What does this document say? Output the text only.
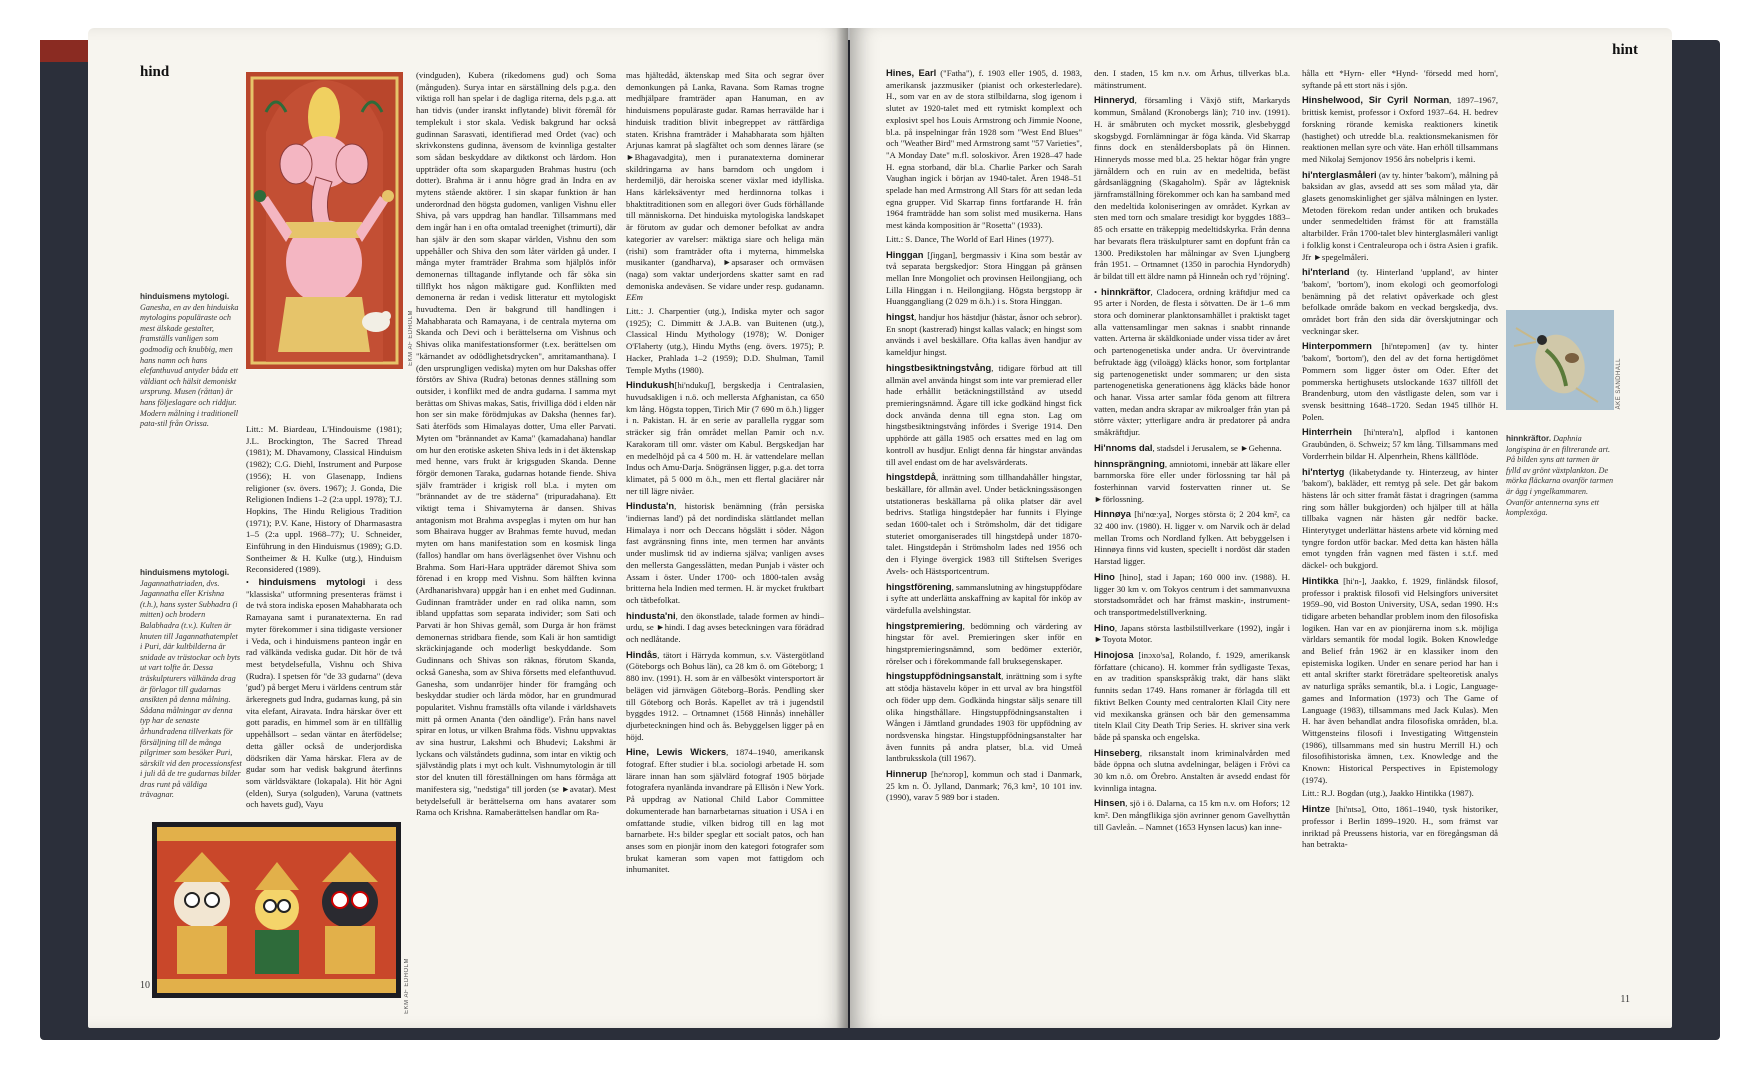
hind
EKM AF EDHOLM
hinduismens mytologi. Ganesha, en av den hinduiska mytologins populäraste och mest älskade gestalter, framställs vanligen som godmodig och knubbig, men hans namn och hans elefanthuvud antyder båda ett väldiant och hälsit demoniskt ursprung. Musen (råttan) är hans följeslagare och riddjur. Modern målning i traditionell pata-stil från Orissa.
Litt.: M. Biardeau, L'Hindouisme (1981); J.L. Brockington, The Sacred Thread (1981); M. Dhavamony, Classical Hinduism (1982); C.G. Diehl, Instrument and Purpose (1956); H. von Glasenapp, Indiens religioner (sv. övers. 1967); J. Gonda, Die Religionen Indiens 1–2 (2:a uppl. 1978); T.J. Hopkins, The Hindu Religious Tradition (1971); P.V. Kane, History of Dharmasastra 1–5 (2:a uppl. 1968–77); U. Schneider, Einführung in den Hinduismus (1989); G.D. Sontheimer & H. Kulke (utg.), Hinduism Reconsidered (1989).
hinduismens mytologi. Jagannathatriaden, dvs. Jagannatha eller Krishna (t.h.), hans syster Subhadra (i mitten) och brodern Balabhadra (t.v.). Kulten är knuten till Jagannathatemplet i Puri, där kultbilderna är snidade av trästockar och byts ut vart tolfte år. Dessa träskulpturers välkända drag är förlagor till gudarnas ansikten på denna målning. Sådana målningar av denna typ har de senaste århundradena tillverkats för försäljning till de många pilgrimer som besöker Puri, särskilt vid den processionsfest i juli då de tre gudarnas bilder dras runt på väldiga trävagnar.
• hinduismens mytologi i dess "klassiska" utformning presenteras främst i de två stora indiska eposen Mahabharata och Ramayana samt i puranatexterna. En rad myter förekommer i sina tidigaste versioner i Veda, och i hinduismens panteon ingår en rad välkända vediska gudar. Dit hör de två mest betydelsefulla, Vishnu och Shiva (Rudra). I spetsen för "de 33 gudarna" (deva 'gud') på berget Meru i världens centrum står ärkeregnets gud Indra, gudarnas kung, på sin vita elefant, Airavata. Indra härskar över ett gott paradis, en himmel som är en tillfällig uppehållsort – sedan väntar en återfödelse; detta gäller också de underjordiska dödsriken där Yama härskar. Flera av de gudar som har vedisk bakgrund återfinns som världsväktare (lokapala). Hit hör Agni (elden), Surya (solguden), Varuna (vattnets och havets gud), Vayu
EKM AF EDHOLM
(vindguden), Kubera (rikedomens gud) och Soma (månguden). Surya intar en särställning dels p.g.a. den viktiga roll han spelar i de dagliga riterna, dels p.g.a. att han tidvis (under iranskt inflytande) blivit föremål för templekult i stor skala. Vedisk bakgrund har också gudinnan Sarasvati, identifierad med Ordet (vac) och skrivkonstens gudinna, ävensom de kvinnliga gestalter som sådan beskyddare av diktkonst och lärdom. Hon uppträder ofta som skaparguden Brahmas hustru (och dotter). Brahma är i annu högre grad än Indra en av mytens stående aktörer. I sin skapar funktion är han underordnad den högsta gudomen, vanligen Vishnu eller Shiva, på vars uppdrag han handlar. Tillsammans med dem ingår han i en ofta omtalad treenighet (trimurti), där han själv är den som skapar världen, Vishnu den som uppehåller och Shiva den som låter världen gå under. I många myter framträder Brahma som hjälplös inför demonernas tilltagande inflytande och får söka sin tillflykt hos någon mäktigare gud. Konflikten med demonerna är redan i vedisk litteratur ett mytologiskt huvudtema. Den är bakgrund till handlingen i Mahabharata och Ramayana, i de centrala myterna om Skanda och Devi och i berättelserna om Vishnus och Shivas olika manifestationsformer (t.ex. berättelsen om "kärnandet av odödlighetsdrycken", amritamanthana). I (den ursprungligen vediska) myten om hur Dakshas offer förstörs av Shiva (Rudra) betonas dennes ställning som outsider, i konflikt med de andra gudarna. I samma myt berättas om Shivas makas, Satis, frivilliga död i elden när hon ser sin make förödmjukas av Daksha (hennes far). Sati återföds som Himalayas dotter, Uma eller Parvati. Myten om "brännandet av Kama" (kamadahana) handlar om hur den erotiske asketen Shiva leds in i det äktenskap med henne, vars frukt är krigsguden Skanda. Denne förgör demonen Taraka, gudarnas hotande fiende. Shiva själv framträder i krigisk roll bl.a. i myten om "brännandet av de tre städerna" (tripuradahana). Ett viktigt tema i Shivamyterna är dansen. Shivas antagonism mot Brahma avspeglas i myten om hur han som Bhairava hugger av Brahmas femte huvud, medan myten om hans manifestation som en kosmisk linga (fallos) handlar om hans överlägsenhet över Vishnu och Brahma. Som Hari-Hara uppträder däremot Shiva som förenad i en kropp med Vishnu. Som hälften kvinna (Ardhanarishvara) uppgår han i en enhet med Gudinnan. Gudinnan framträder under en rad olika namn, som ibland uppfattas som separata individer; som Sati och Parvati är hon Shivas gemål, som Durga är hon främst demonernas stridbara fiende, som Kali är hon samtidigt skräckinjagande och moderligt beskyddande. Som Gudinnans och Shivas son räknas, förutom Skanda, också Ganesha, som av Shiva försetts med elefanthuvud. Ganesha, som undanröjer hinder för framgång och beskyddar studier och lärda mödor, har en grundmurad popularitet. Vishnu framställs ofta vilande i världshavets mitt på ormen Ananta ('den oändlige'). Från hans navel spirar en lotus, ur vilken Brahma föds. Vishnu uppvaktas av sina hustrur, Lakshmi och Bhudevi; Lakshmi är lyckans och välståndets gudinna, som intar en viktig och självständig plats i myt och kult. Vishnumytologin är till stor del knuten till föreställningen om hans förmåga att manifestera sig, "nedstiga" till jorden (se ►avatar). Mest betydelsefull är berättelserna om hans avatarer som Rama och Krishna. Ramaberättelsen handlar om Ra-
mas hjältedåd, äktenskap med Sita och segrar över demonkungen på Lanka, Ravana. Som Ramas trogne medhjälpare framträder apan Hanuman, en av hinduismens populäraste gudar. Ramas herravälde har i hinduisk tradition blivit inbegreppet av rättfärdiga staten. Krishna framträder i Mahabharata som hjälten Arjunas kamrat på slagfältet och som dennes lärare (se ►Bhagavadgita), men i puranatexterna dominerar skildringarna av hans barndom och ungdom i herdemiljö, där heroiska scener växlar med idylliska. Hans kärleksäventyr med herdinnorna tolkas i bhaktitraditionen som en allegori över Guds förhållande till människorna. Det hinduiska mytologiska landskapet är förutom av gudar och demoner befolkat av andra kategorier av varelser: mäktiga siare och heliga män (rishi) som framträder ofta i myterna, himmelska musikanter (gandharva), ►apsaraser och ormväsen (naga) som vaktar underjordens skatter samt en rad demoniska andeväsen. Se vidare under resp. gudanamn. EEm
Litt.: J. Charpentier (utg.), Indiska myter och sagor (1925); C. Dimmitt & J.A.B. van Buitenen (utg.), Classical Hindu Mythology (1978); W. Doniger O'Flaherty (utg.), Hindu Myths (eng. övers. 1975); P. Hacker, Prahlada 1–2 (1959); D.D. Shulman, Tamil Temple Myths (1980).
Hindukush[hi'ndukuʃ], bergskedja i Centralasien, huvudsakligen i n.ö. och mellersta Afghanistan, ca 650 km lång. Högsta toppen, Tirich Mir (7 690 m ö.h.) ligger i n. Pakistan. H. är en serie av parallella ryggar som sträcker sig från området mellan Pamir och n.v. Karakoram till omr. väster om Kabul. Bergskedjan har en medelhöjd på ca 4 500 m. H. är vattendelare mellan Indus och Amu-Darja. Snögränsen ligger, p.g.a. det torra klimatet, på 5 000 m ö.h., men ett flertal glaciärer når ner till lägre nivåer.
Hindusta'n, historisk benämning (från persiska 'indiernas land') på det nordindiska slättlandet mellan Himalaya i norr och Deccans högslätt i söder. Någon fast avgränsning finns inte, men termen har använts under muslimsk tid av indierna själva; vanligen avses den mellersta Gangesslätten, medan Punjab i väster och Assam i öster. Under 1700- och 1800-talen avsåg britterna hela Indien med termen. H. är mycket fruktbart och tätbefolkat.
hindusta'ni, den ökonstlade, talade formen av hindi–urdu, se ►hindi. I dag avses beteckningen vara förädrad och nedlåtande.
Hindås, tätort i Härryda kommun, s.v. Västergötland (Göteborgs och Bohus län), ca 28 km ö. om Göteborg; 1 880 inv. (1991). H. som är en välbesökt vintersportort är belägen vid järnvägen Göteborg–Borås. Pendling sker till Göteborg och Borås. Kapellet av trä i jugendstil byggdes 1912. – Ortnamnet (1568 Hinnås) innehåller djurbeteckningen hind och ås. Bebyggelsen ligger på en höjd.
Hine, Lewis Wickers, 1874–1940, amerikansk fotograf. Efter studier i bl.a. sociologi arbetade H. som lärare innan han som självlärd fotograf 1905 började fotografera nyanlända invandrare på Ellisön i New York. På uppdrag av National Child Labor Committee dokumenterade han barnarbetarnas situation i USA i en omfattande studie, vilken bidrog till en lag mot barnarbete. H:s bilder speglar ett socialt patos, och han anses som en pionjär inom den kategori fotografer som brukat kameran som vapen mot fattigdom och inhumanitet.
10
hint
Hines, Earl ("Fatha"), f. 1903 eller 1905, d. 1983, amerikansk jazzmusiker (pianist och orkesterledare). H., som var en av de stora stilbildarna, slog igenom i slutet av 1920-talet med ett rytmiskt komplext och explosivt spel hos Louis Armstrong och Jimmie Noone, bl.a. på inspelningar från 1928 som "West End Blues" och "Weather Bird" med Armstrong samt "57 Varieties", "A Monday Date" m.fl. soloskivor. Åren 1928–47 hade H. egna storband, där bl.a. Charlie Parker och Sarah Vaughan ingick i början av 1940-talet. Åren 1948–51 spelade han med Armstrong All Stars för att sedan leda egna grupper. Vid Skarrap finns fortfarande H. från 1964 framträdde han som solist med musikerna. Hans mest kända komposition är "Rosetta" (1933).
Litt.: S. Dance, The World of Earl Hines (1977).
Hinggan [ʃiŋgan], bergmassiv i Kina som består av två separata bergskedjor: Stora Hinggan på gränsen mellan Inre Mongoliet och provinsen Heilongjiang, och Lilla Hinggan i n. Heilongjiang. Högsta bergstopp är Huanggangliang (2 029 m ö.h.) i s. Stora Hinggan.
hingst, handjur hos hästdjur (hästar, åsnor och sebror). En snopt (kastrerad) hingst kallas valack; en hingst som används i avel beskällare. Ofta kallas även handjur av kameldjur hingst.
hingstbesiktningstvång, tidigare förbud att till allmän avel använda hingst som inte var premierad eller hade erhållit betäckningstillstånd av utsedd premieringsnämnd. Ägare till icke godkänd hingst fick dock använda denna till egna ston. Lag om hingstbesiktningstvång infördes i Sverige 1914. Den upphörde att gälla 1985 och ersattes med en lag om kontroll av husdjur. Enligt denna får hingstar användas till avel endast om de har avelsvärderats.
hingstdepå, inrättning som tillhandahåller hingstar, beskällare, för allmän avel. Under betäckningssäsongen utstationeras beskällarna på olika platser där avel bedrivs. Statliga hingstdepåer har funnits i Flyinge sedan 1600-talet och i Strömsholm, där det tidigare stuteriet omorganiserades till hingstdepå under 1870-talet. Hingstdepån i Strömsholm lades ned 1956 och den i Flyinge övergick 1983 till Stiftelsen Sveriges Avels- och Hästsportcentrum.
hingstförening, sammanslutning av hingstuppfödare i syfte att underlätta anskaffning av kapital för inköp av värdefulla avelshingstar.
hingstpremiering, bedömning och värdering av hingstar för avel. Premieringen sker inför en hingstpremieringsnämnd, som bedömer exteriör, rörelser och i förekommande fall bruksegenskaper.
hingstuppfödningsanstalt, inrättning som i syfte att stödja hästavelн köper in ett urval av bra hingstföl och föder upp dem. Godkända hingstar säljs senare till olika hingsthållare. Hingstuppfödningsanstalten i Wången i Jämtland grundades 1903 för uppfödning av nordsvenska hingstar. Hingstuppfödningsanstalter har även funnits på andra platser, bl.a. vid Umeå lantbruksskola (till 1967).
Hinnerup [he'nɔrop], kommun och stad i Danmark, 25 km n. Ö. Jylland, Danmark; 76,3 km², 10 101 inv. (1990), varav 5 989 bor i staden.
den. I staden, 15 km n.v. om Århus, tillverkas bl.a. mätinstrument.
Hinneryd, församling i Växjö stift, Markaryds kommun, Småland (Kronobergs län); 710 inv. (1991). H. är småbruten och mycket mossrik, glesbebyggd skogsbygd. Fornlämningar är föga kända. Vid Skarrap finns dock en stenåldersboplats på ön Hinnen. Hinneryds mosse med bl.a. 25 hektar högar från yngre järnåldern och en ruin av en medeltida, befäst gårdsanläggning (Skagaholm). Spår av lågteknisk järnframställning förekommer och kan ha samband med den medeltida koloniseringen av området. Kyrkan av sten med torn och smalare tresidigt kor byggdes 1883–85 och ersatte en träkeppig medeltidskyrka. Från denna har bevarats flera träskulpturer samt en dopfunt från ca 1300. Predikstolen har målningar av Sven Ljungberg från 1951. – Ortnamnet (1350 in parochia Hyndorydh) är bildat till ett äldre namn på Hinneån och ryd 'röjning'.
• hinnkräftor, Cladocera, ordning kräftdjur med ca 95 arter i Norden, de flesta i sötvatten. De är 1–6 mm stora och dominerar planktonsamhället i praktiskt taget alla vattensamlingar men saknas i snabbt rinnande vatten. Arterna är skäldkoniade under vissa tider av året och partenogenetiska under andra. Ur övervintrande befruktade ägg (viloägg) kläcks honor, som fortplantar sig partenogenetiskt under sommaren; ur den sista partenogenetiska generationens ägg kläcks både honor och hanar. Vissa arter samlar föda genom att filtrera vatten, medan andra skrapar av mikroalger från ytan på större växter; ytterligare andra är predatorer på andra småkräftdjur.
Hi'nnoms dal, stadsdel i Jerusalem, se ►Gehenna.
hinnsprängning, amniotomi, innebär att läkare eller barnmorska före eller under förlossning tar hål på fosterhinnan varvid fostervatten rinner ut. Se ►förlossning.
Hinnøya [hi'nœːya], Norges största ö; 2 204 km², ca 32 400 inv. (1980). H. ligger v. om Narvik och är delad mellan Troms och Nordland fylken. Att bebyggelsen i Hinnøya finns vid kusten, speciellt i nordöst där staden Harstad ligger.
Hino [hino], stad i Japan; 160 000 inv. (1988). H. ligger 30 km v. om Tokyos centrum i det sammanvuxna storstadsområdet och har främst maskin-, instrument- och transportmedelstillverkning.
Hino, Japans största lastbilstillverkare (1992), ingår i ►Toyota Motor.
Hinojosa [inɔxo'sa], Rolando, f. 1929, amerikansk författare (chicano). H. kommer från sydligaste Texas, en av tradition spanskspråkig trakt, där hans släkt funnits sedan 1749. Hans romaner är förlagda till ett fiktivt Belken County med centralorten Klail City nere vid mexikanska gränsen och bär den gemensamma titeln Klail City Death Trip Series. H. skriver sina verk både på spanska och engelska.
Hinseberg, riksanstalt inom kriminalvården med både öppna och slutna avdelningar, belägen i Frövi ca 30 km n.ö. om Örebro. Anstalten är avsedd endast för kvinnliga intagna.
Hinsen, sjö i ö. Dalarna, ca 15 km n.v. om Hofors; 12 km². Den mångflikiga sjön avrinner genom Gavelhyttån till Gavleån. – Namnet (1653 Hynsen lacus) kan inne-
hålla ett *Hyrn- eller *Hynd- 'försedd med horn', syftande på ett stort näs i sjön.
Hinshelwood, Sir Cyril Norman, 1897–1967, brittisk kemist, professor i Oxford 1937–64. H. bedrev forskning rörande kemiska reaktioners kinetik (hastighet) och utredde bl.a. reaktionsmekanismen för reaktionen mellan syre och väte. Han erhöll tillsammans med Nikolaj Semjonov 1956 års nobelpris i kemi.
hi'nterglasmåleri (av ty. hinter 'bakom'), målning på baksidan av glas, avsedd att ses som målad yta, där glasets genomskinlighet ger själva målningen en lyster. Metoden förekom redan under antiken och brukades under senmedeltiden främst för att framställa altarbilder. Från 1700-talet blev hinterglasmåleri vanligt i folklig konst i Centraleuropa och i östra Asien i grafik. Jfr ►spegelmåleri.
hi'nterland (ty. Hinterland 'uppland', av hinter 'bakom', 'bortom'), inom ekologi och geomorfologi benämning på det relativt opåverkade och glest befolkade område bakom en veckad bergskedja, dvs. området bort från den sida där överskjutningar och veckningar sker.
Hinterpommern [hi'ntɐpɔmɐn] (av ty. hinter 'bakom', 'bortom'), den del av det forna hertigdömet Pommern som ligger öster om Oder. Efter det pommerska hertighusets utslockande 1637 tillföll det Brandenburg, utom den västligaste delen, som var i svensk besittning 1648–1720. Sedan 1945 tillhör H. Polen.
Hinterrhein [hi'ntɐra'n], alpflod i kantonen Graubünden, ö. Schweiz; 57 km lång. Tillsammans med Vorderrhein bildar H. Alpenrhein, Rhens källflöde.
hi'ntertyg (likabetydande ty. Hinterzeug, av hinter 'bakom'), bakläder, ett remtyg på sele. Det går bakom hästens lår och sitter framåt fästat i dragringen (samma ring som håller bukgjorden) och hjälper till at hålla tillbaka vagnen när hästen går nedför backe. Hinterytyget underlättar hästens arbete vid körning med tyngre fordon utför backar. Med detta kan hästen hålla emot tyngden från vagnen med fästen i s.t.f. med däckel- och bukgjord.
Hintikka [hi'n-], Jaakko, f. 1929, finländsk filosof, professor i praktisk filosofi vid Helsingfors universitet 1959–90, vid Boston University, USA, sedan 1990. H:s tidigare arbeten behandlar problem inom den filosofiska logiken. Han var en av pionjärerna inom s.k. möjliga världars semantik för modal logik. Boken Knowledge and Belief från 1962 är en klassiker inom den epistemiska logiken. Under en senare period har han i ett antal skrifter starkt företrädare spelteoretisk analys av naturliga språks semantik, bl.a. i Logic, Language-games and Information (1973) och The Game of Language (1983), tillsammans med Jack Kulas). Men H. har även behandlat andra filosofiska områden, bl.a. Wittgensteins filosofi i Investigating Wittgenstein (1986), tillsammans med sin hustru Merrill H.) och filosofihistoriska ämnen, t.ex. Knowledge and the Known: Historical Perspectives in Epistemology (1974).
Litt.: R.J. Bogdan (utg.), Jaakko Hintikka (1987).
Hintze [hi'ntsə], Otto, 1861–1940, tysk historiker, professor i Berlin 1899–1920. H., som främst var inriktad på Preussens historia, var en föregångsman då han betrakta-
ÅKE SANDHALL
hinnkräftor. Daphnia longispina är en filtrerande art. På bilden syns att tarmen är fylld av grönt växtplankton. De mörka fläckarna ovanför tarmen är ägg i yngelkammaren. Ovanför antennerna syns ett komplexöga.
11
